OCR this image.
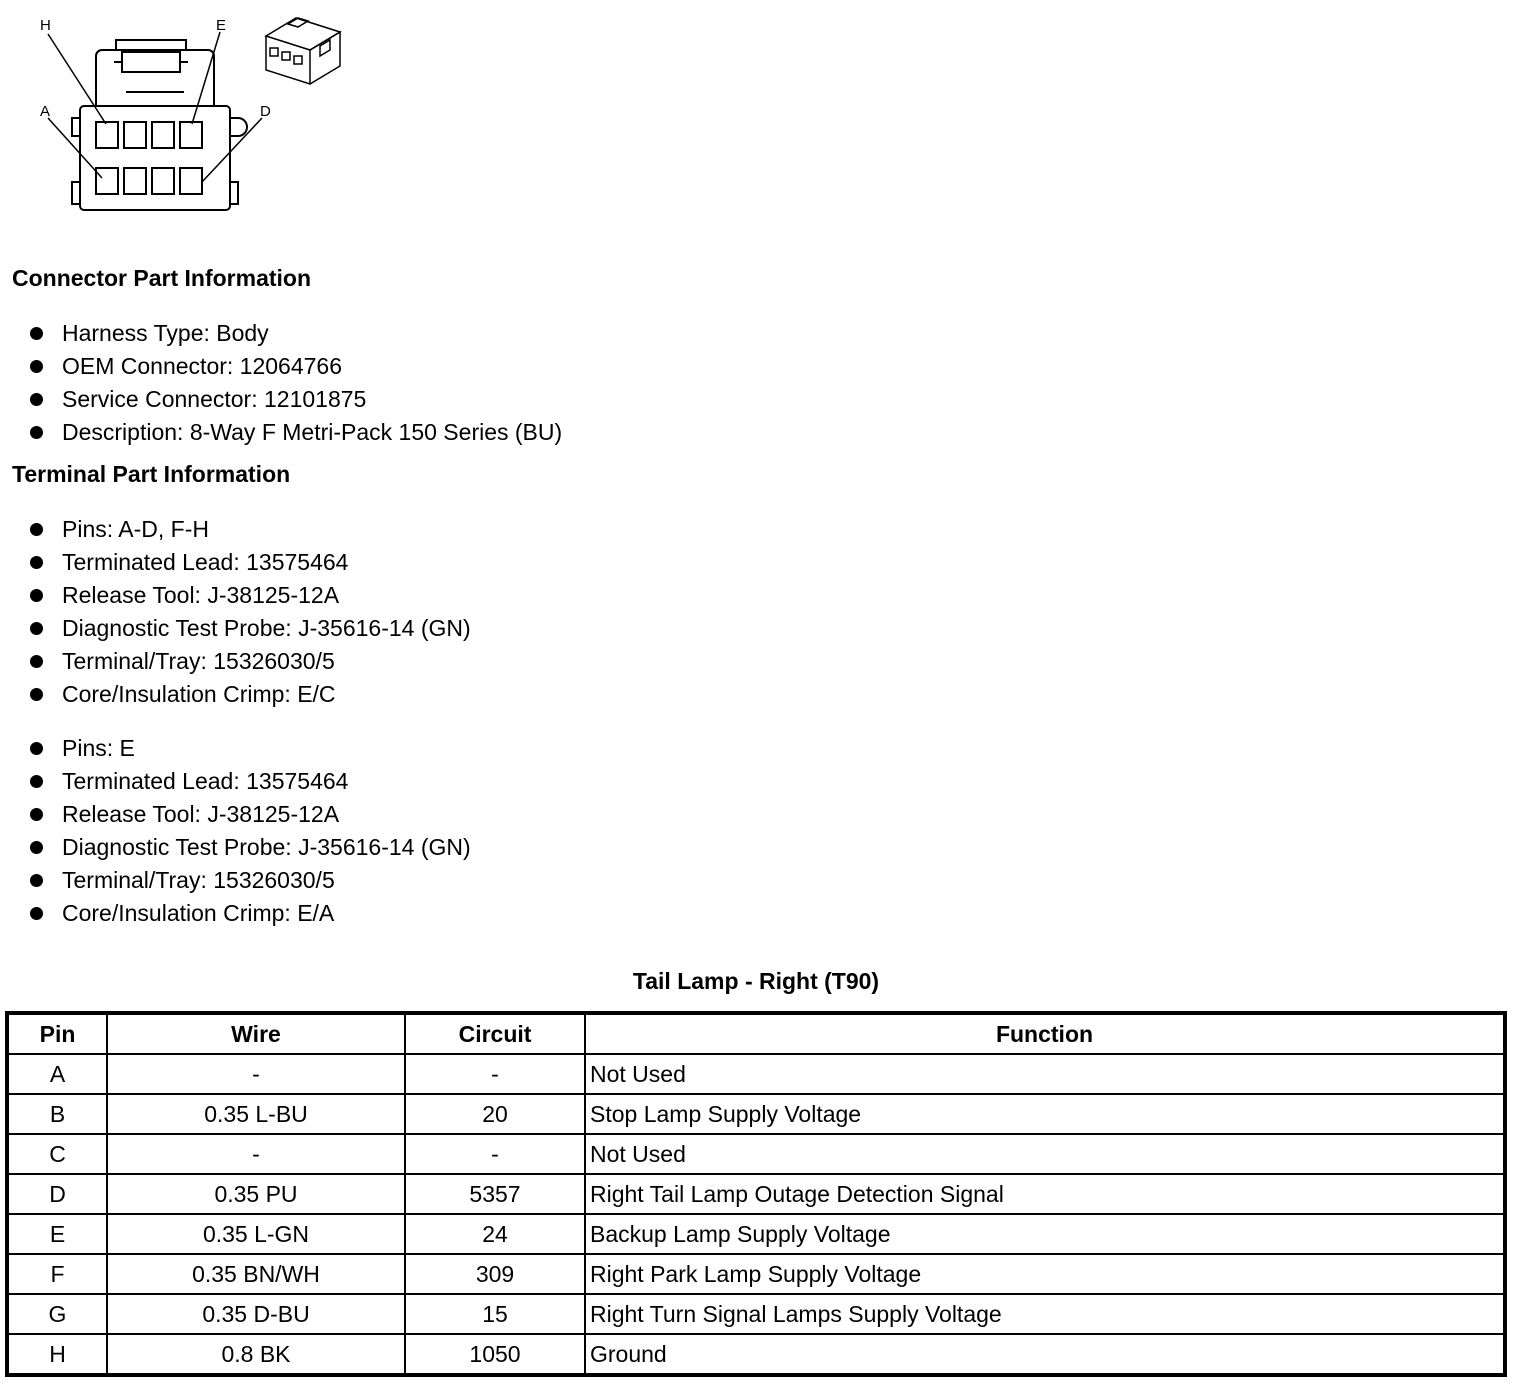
H	E
A	D
Connector Part Information
Harness Type: Body
OEM Connector: 12064766
Service Connector: 12101875
Description: 8-Way F Metri-Pack 150 Series (BU)
Terminal Part Information
Pins: A-D, F-H
Terminated Lead: 13575464
Release Tool: J-38125-12A
Diagnostic Test Probe: J-35616-14 (GN)
Terminal/Tray: 15326030/5
Core/Insulation Crimp: E/C
Pins: E
Terminated Lead: 13575464
Release Tool: J-38125-12A
Diagnostic Test Probe: J-35616-14 (GN)
Terminal/Tray: 15326030/5
Core/Insulation Crimp: E/A
Tail Lamp - Right (T90)
Pin	Wire	Circuit	Function
A	-	-	Not Used
B	0.35 L-BU	20	Stop Lamp Supply Voltage
C	-	-	Not Used
D	0.35 PU	5357	Right Tail Lamp Outage Detection Signal
E	0.35 L-GN	24	Backup Lamp Supply Voltage
F	0.35 BN/WH	309	Right Park Lamp Supply Voltage
G	0.35 D-BU	15	Right Turn Signal Lamps Supply Voltage
H	0.8 BK	1050	Ground
